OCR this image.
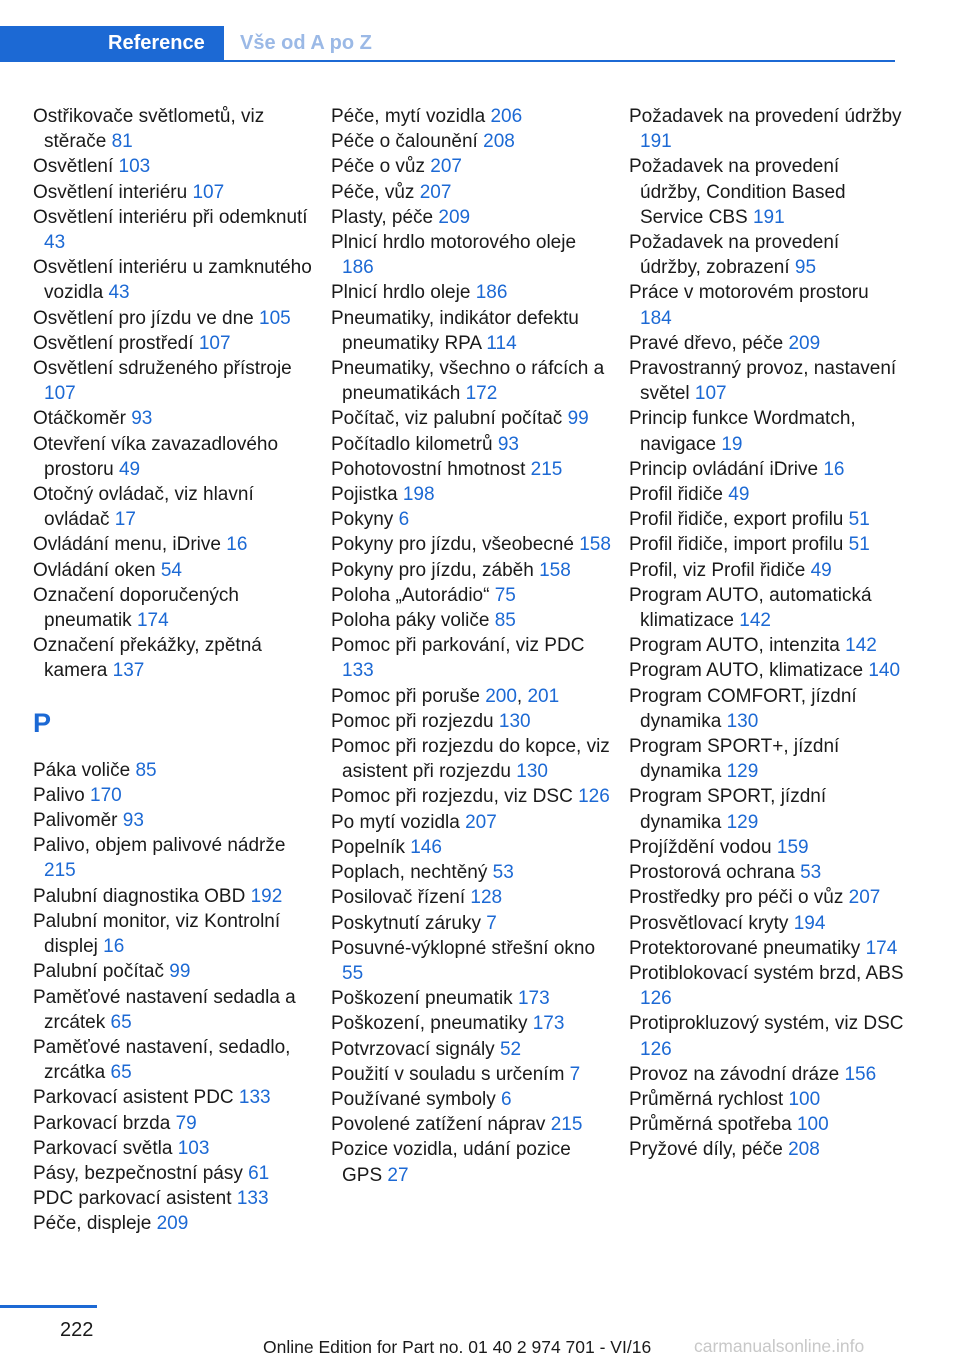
Reference	Vše od A po Z
Ostřikovače světlometů, viz stěrače 81
Osvětlení 103
Osvětlení interiéru 107
Osvětlení interiéru při odemknutí 43
Osvětlení interiéru u zamknutého vozidla 43
Osvětlení pro jízdu ve dne 105
Osvětlení prostředí 107
Osvětlení sdruženého přístroje 107
Otáčkoměr 93
Otevření víka zavazadlového prostoru 49
Otočný ovládač, viz hlavní ovládač 17
Ovládání menu, iDrive 16
Ovládání oken 54
Označení doporučených pneumatik 174
Označení překážky, zpětná kamera 137
P
Páka voliče 85
Palivo 170
Palivoměr 93
Palivo, objem palivové nádrže 215
Palubní diagnostika OBD 192
Palubní monitor, viz Kontrolní displej 16
Palubní počítač 99
Paměťové nastavení sedadla a zrcátek 65
Paměťové nastavení, sedadlo, zrcátka 65
Parkovací asistent PDC 133
Parkovací brzda 79
Parkovací světla 103
Pásy, bezpečnostní pásy 61
PDC parkovací asistent 133
Péče, displeje 209
Péče, mytí vozidla 206
Péče o čalounění 208
Péče o vůz 207
Péče, vůz 207
Plasty, péče 209
Plnicí hrdlo motorového oleje 186
Plnicí hrdlo oleje 186
Pneumatiky, indikátor defektu pneumatiky RPA 114
Pneumatiky, všechno o ráfcích a pneumatikách 172
Počítač, viz palubní počítač 99
Počítadlo kilometrů 93
Pohotovostní hmotnost 215
Pojistka 198
Pokyny 6
Pokyny pro jízdu, všeobecné 158
Pokyny pro jízdu, záběh 158
Poloha „Autorádio“ 75
Poloha páky voliče 85
Pomoc při parkování, viz PDC 133
Pomoc při poruše 200, 201
Pomoc při rozjezdu 130
Pomoc při rozjezdu do kopce, viz asistent při rozjezdu 130
Pomoc při rozjezdu, viz DSC 126
Po mytí vozidla 207
Popelník 146
Poplach, nechtěný 53
Posilovač řízení 128
Poskytnutí záruky 7
Posuvné-výklopné střešní okno 55
Poškození pneumatik 173
Poškození, pneumatiky 173
Potvrzovací signály 52
Použití v souladu s určením 7
Používané symboly 6
Povolené zatížení náprav 215
Pozice vozidla, udání pozice GPS 27
Požadavek na provedení údržby 191
Požadavek na provedení údržby, Condition Based Service CBS 191
Požadavek na provedení údržby, zobrazení 95
Práce v motorovém prostoru 184
Pravé dřevo, péče 209
Pravostranný provoz, nastavení světel 107
Princip funkce Wordmatch, navigace 19
Princip ovládání iDrive 16
Profil řidiče 49
Profil řidiče, export profilu 51
Profil řidiče, import profilu 51
Profil, viz Profil řidiče 49
Program AUTO, automatická klimatizace 142
Program AUTO, intenzita 142
Program AUTO, klimatizace 140
Program COMFORT, jízdní dynamika 130
Program SPORT+, jízdní dynamika 129
Program SPORT, jízdní dynamika 129
Projíždění vodou 159
Prostorová ochrana 53
Prostředky pro péči o vůz 207
Prosvětlovací kryty 194
Protektorované pneumatiky 174
Protiblokovací systém brzd, ABS 126
Protiprokluzový systém, viz DSC 126
Provoz na závodní dráze 156
Průměrná rychlost 100
Průměrná spotřeba 100
Pryžové díly, péče 208
222
Online Edition for Part no. 01 40 2 974 701 - VI/16 carmanualsonline.info
